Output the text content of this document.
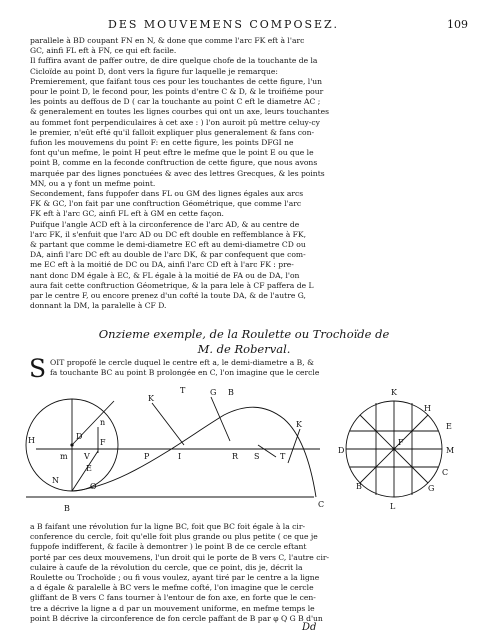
DES MOUVEMENS COMPOSEZ.	109

parallele à BD coupant FN en N, & done que comme l'arc FK eft à l'arc

GC, ainfi FL eft à FN, ce qui eft facile.

Il fuffira avant de paffer outre, de dire quelque chofe de la touchante de la

Cicloïde au point D, dont vers la figure fur laquelle je remarque:

Premierement, que faifant tous ces pour les touchantes de cette figure, l'un

pour le point D, le fecond pour, les points d'entre C & D, & le troifiéme pour

les points au deffous de D ( car la touchante au point C eft le diametre AC ;

& generalement en toutes les lignes courbes qui ont un axe, leurs touchantes

au fommet font perpendiculaires à cet axe : ) l'on auroit pû mettre celuy-cy

le premier, n'eût efté qu'il falloit expliquer plus generalement & fans con-

fufion les mouvemens du point F: en cette figure, les points DFGI ne

font qu'un mefme, le point H peut eftre le mefme que le point E ou que le

point B, comme en la feconde conftruction de cette figure, que nous avons

marquée par des lignes ponctuées & avec des lettres Grecques, & les points

MN, ou a γ font un mefme point.

Secondement, fans fuppofer dans FL ou GM des lignes égales aux arcs

FK & GC, l'on fait par une conftruction Géométrique, que comme l'arc

FK eft à l'arc GC, ainfi FL eft à GM en cette façon.

Puifque l'angle ACD eft à la circonference de l'arc AD, & au centre de

l'arc FK, il s'enfuit que l'arc AD ou DC eft double en reffemblance à FK,

& partant que comme le demi-diametre EC eft au demi-diametre CD ou

DA, ainfi l'arc DC eft au double de l'arc DK, & par confequent que com-

me EC eft à la moitié de DC ou DA, ainfi l'arc CD eft à l'arc FK : pre-

nant donc DM égale à EC, & FL égale à la moitié de FA ou de DA, l'on

aura fait cette conftruction Géometrique, & la para lele à CF paffera de L

par le centre F, ou encore prenez d'un cofté la toute DA, & de l'autre G,

donnant la DM, la paralelle à CF D.

Onzieme exemple, de la Roulette ou Trochoïde de
M. de Roberval.
S OIT propofé le cercle duquel le centre eft a, le demi-diametre a B, &

fa touchante BC au point B prolongée en C, l'on imagine que le cercle

H	D
N
E
B
F
V
m
n
O
P	I	R S	T
C
K
T	G B
K
K
H
E
D
F
M
B	G
L
C

a B faifant une révolution fur la ligne BC, foit que BC foit égale à la cir-

conference du cercle, foit qu'elle foit plus grande ou plus petite ( ce que je

fuppofe indifferent, & facile à demontrer ) le point B de ce cercle eftant

porté par ces deux mouvemens, l'un droit qui le porte de B vers C, l'autre cir-

culaire à caufe de la révolution du cercle, que ce point, dis je, décrit la

Roulette ou Trochoïde ; ou fi vous voulez, ayant tiré par le centre a la ligne

a d égale & paralelle à BC vers le mefme cofté, l'on imagine que le cercle

gliffant de B vers C fans tourner à l'entour de fon axe, en forte que le cen-

tre a décrive la ligne a d par un mouvement uniforme, en mefme temps le

point B décrive la circonference de fon cercle paffant de B par φ Q G B d'un

Dd
